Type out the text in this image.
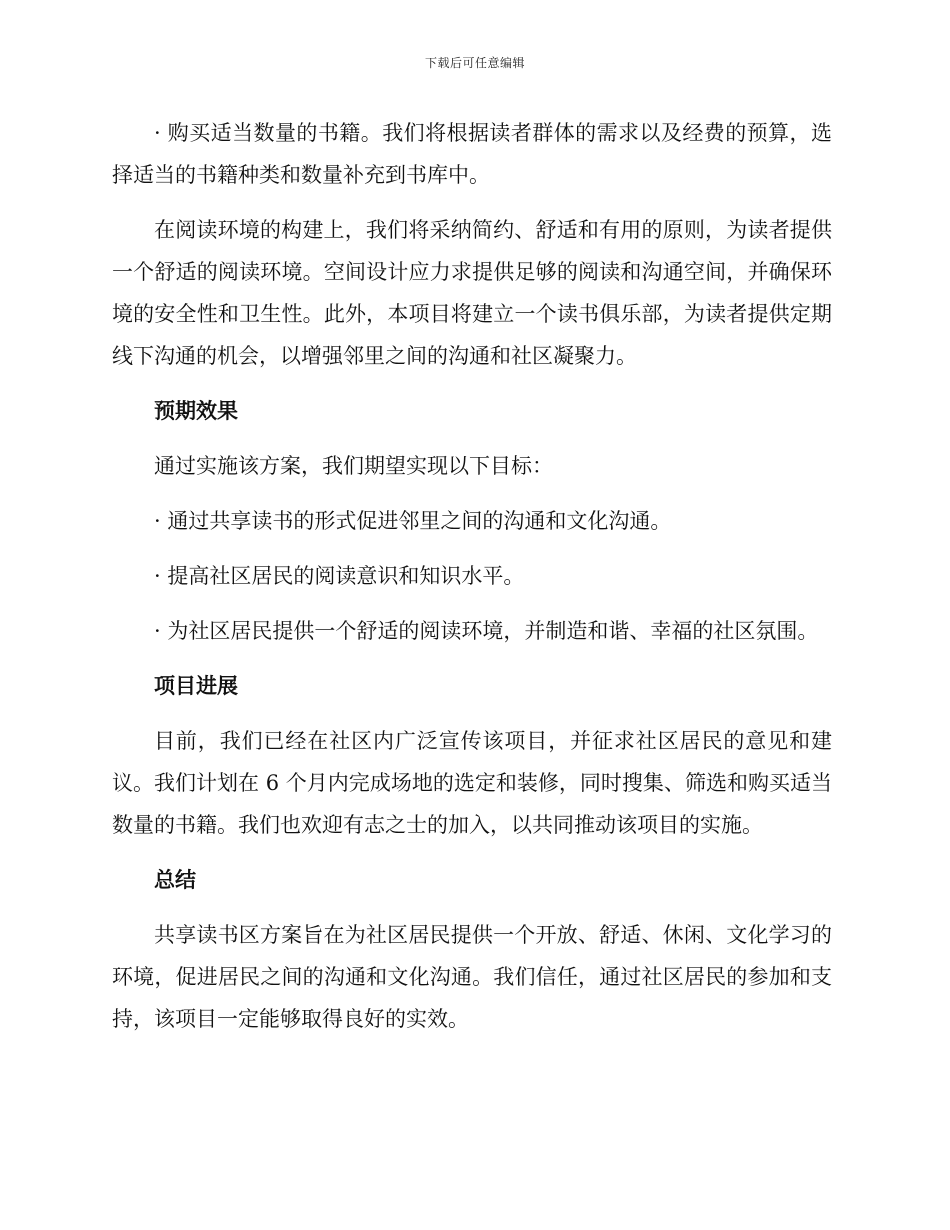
下载后可任意编辑

· 购买适当数量的书籍。我们将根据读者群体的需求以及经费的预算，选择适当的书籍种类和数量补充到书库中。

在阅读环境的构建上，我们将采纳简约、舒适和有用的原则，为读者提供一个舒适的阅读环境。空间设计应力求提供足够的阅读和沟通空间，并确保环境的安全性和卫生性。此外，本项目将建立一个读书俱乐部，为读者提供定期线下沟通的机会，以增强邻里之间的沟通和社区凝聚力。

预期效果

通过实施该方案，我们期望实现以下目标：

· 通过共享读书的形式促进邻里之间的沟通和文化沟通。

· 提高社区居民的阅读意识和知识水平。

· 为社区居民提供一个舒适的阅读环境，并制造和谐、幸福的社区氛围。

项目进展

目前，我们已经在社区内广泛宣传该项目，并征求社区居民的意见和建议。我们计划在 6 个月内完成场地的选定和装修，同时搜集、筛选和购买适当数量的书籍。我们也欢迎有志之士的加入，以共同推动该项目的实施。

总结

共享读书区方案旨在为社区居民提供一个开放、舒适、休闲、文化学习的环境，促进居民之间的沟通和文化沟通。我们信任，通过社区居民的参加和支持，该项目一定能够取得良好的实效。
